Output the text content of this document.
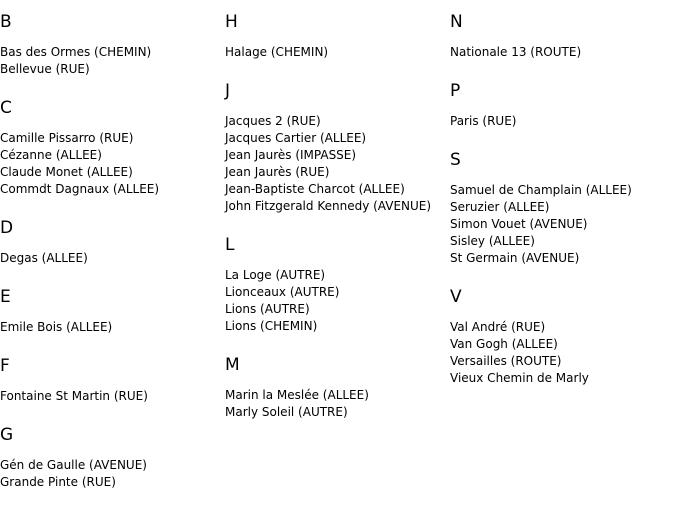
B
Bas des Ormes (CHEMIN)
Bellevue (RUE)
C
Camille Pissarro (RUE)
Cézanne (ALLEE)
Claude Monet (ALLEE)
Commdt Dagnaux (ALLEE)
D
Degas (ALLEE)
E
Emile Bois (ALLEE)
F
Fontaine St Martin (RUE)
G
Gén de Gaulle (AVENUE)
Grande Pinte (RUE)
H
Halage (CHEMIN)
J
Jacques 2 (RUE)
Jacques Cartier (ALLEE)
Jean Jaurès (IMPASSE)
Jean Jaurès (RUE)
Jean-Baptiste Charcot (ALLEE)
John Fitzgerald Kennedy (AVENUE)
L
La Loge (AUTRE)
Lionceaux (AUTRE)
Lions (AUTRE)
Lions (CHEMIN)
M
Marin la Meslée (ALLEE)
Marly Soleil (AUTRE)
N
Nationale 13 (ROUTE)
P
Paris (RUE)
S
Samuel de Champlain (ALLEE)
Seruzier (ALLEE)
Simon Vouet (AVENUE)
Sisley (ALLEE)
St Germain (AVENUE)
V
Val André (RUE)
Van Gogh (ALLEE)
Versailles (ROUTE)
Vieux Chemin de Marly
